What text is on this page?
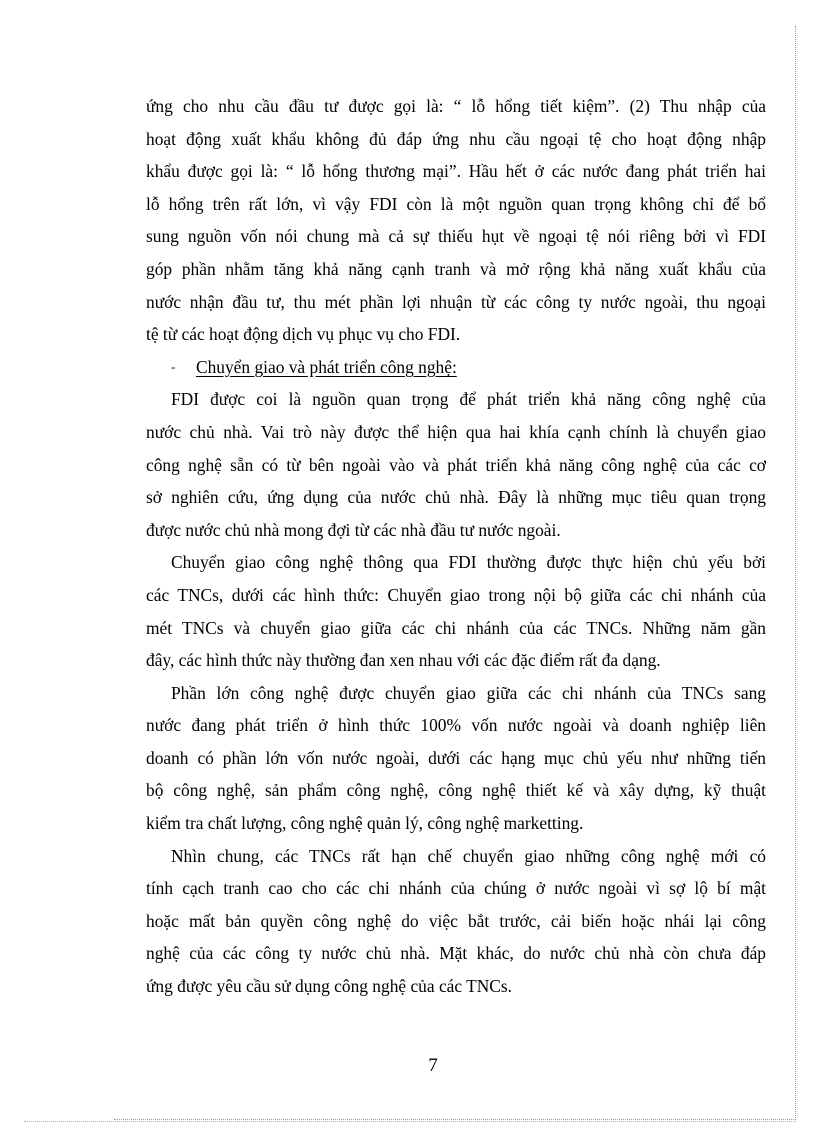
ứng cho nhu cầu đầu tư được gọi là: “ lỗ hổng tiết kiệm”. (2) Thu nhập của
hoạt động xuất khẩu không đủ đáp ứng nhu cầu ngoại tệ cho hoạt động nhập
khẩu được gọi là: “ lỗ hổng thương mại”. Hầu hết ở các nước đang phát triển hai
lỗ hổng trên rất lớn, vì vậy FDI còn là một nguồn quan trọng không chỉ để bổ
sung nguồn vốn nói chung mà cả sự thiếu hụt về ngoại tệ nói riêng bởi vì FDI
góp phần nhằm tăng khả năng cạnh tranh và mở rộng khả năng xuất khẩu của
nước nhận đầu tư, thu mét phần lợi nhuận từ các công ty nước ngoài, thu ngoại
tệ từ các hoạt động dịch vụ phục vụ cho FDI.
- Chuyển giao và phát triển công nghệ:
FDI được coi là nguồn quan trọng để phát triển khả năng công nghệ của
nước chủ nhà. Vai trò này được thể hiện qua hai khía cạnh chính là chuyển giao
công nghệ sẵn có từ bên ngoài vào và phát triển khả năng công nghệ của các cơ
sở nghiên cứu, ứng dụng của nước chủ nhà. Đây là những mục tiêu quan trọng
được nước chủ nhà mong đợi từ các nhà đầu tư nước ngoài.
Chuyển giao công nghệ thông qua FDI thường được thực hiện chủ yếu bởi
các TNCs, dưới các hình thức: Chuyển giao trong nội bộ giữa các chi nhánh của
mét TNCs và chuyển giao giữa các chi nhánh của các TNCs. Những năm gần
đây, các hình thức này thường đan xen nhau với các đặc điểm rất đa dạng.
Phần lớn công nghệ được chuyển giao giữa các chi nhánh của TNCs sang
nước đang phát triển ở hình thức 100% vốn nước ngoài và doanh nghiệp liên
doanh có phần lớn vốn nước ngoài, dưới các hạng mục chủ yếu như những tiến
bộ công nghệ, sản phẩm công nghệ, công nghệ thiết kế và xây dựng, kỹ thuật
kiểm tra chất lượng, công nghệ quản lý, công nghệ marketting.
Nhìn chung, các TNCs rất hạn chế chuyển giao những công nghệ mới có
tính cạch tranh cao cho các chi nhánh của chúng ở nước ngoài vì sợ lộ bí mật
hoặc mất bản quyền công nghệ do việc bắt trước, cải biến hoặc nhái lại công
nghệ của các công ty nước chủ nhà. Mặt khác, do nước chủ nhà còn chưa đáp
ứng được yêu cầu sử dụng công nghệ của các TNCs.
7
